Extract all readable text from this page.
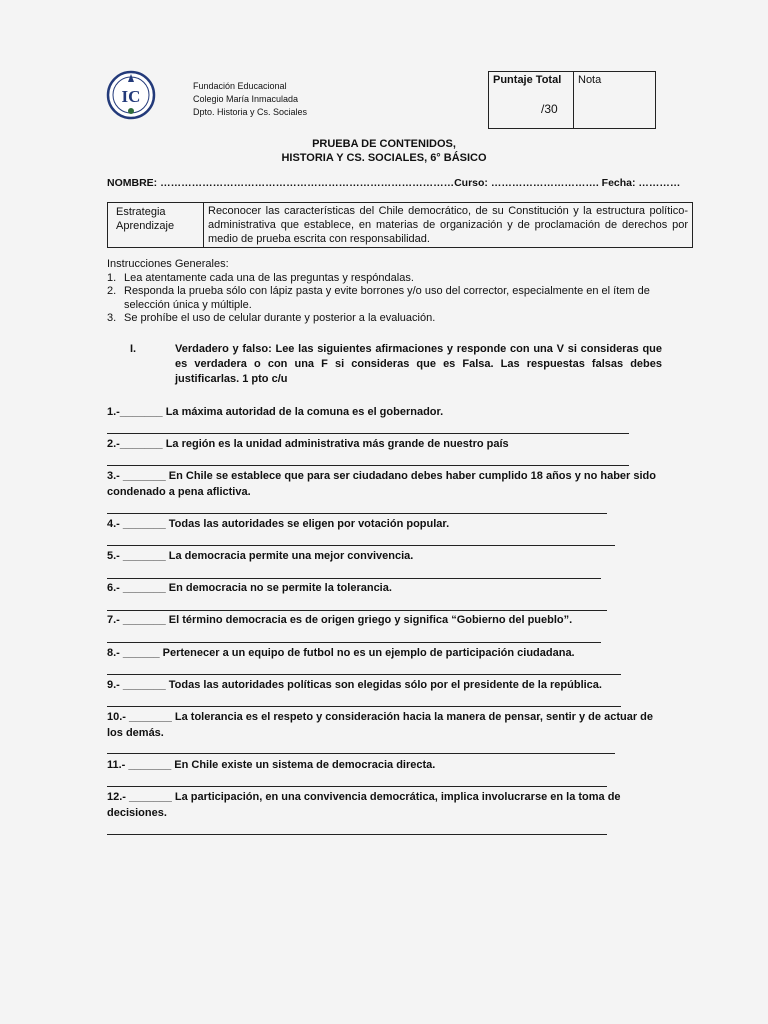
IC
Fundación Educacional
Colegio María Inmaculada
Dpto. Historia y Cs. Sociales
Puntaje Total
/30
Nota
PRUEBA DE CONTENIDOS,
HISTORIA Y CS. SOCIALES, 6° BÁSICO
NOMBRE: …………………………………………………………………………Curso: …………………………. Fecha: …………
Estrategia Aprendizaje
Reconocer las características del Chile democrático, de su Constitución y la estructura político-administrativa que establece, en materias de organización y de proclamación de derechos por medio de prueba escrita con responsabilidad.
Instrucciones Generales:
1. Lea atentamente cada una de las preguntas y respóndalas.
2. Responda la prueba sólo con lápiz pasta y evite borrones y/o uso del corrector, especialmente en el ítem de selección única y múltiple.
3. Se prohíbe el uso de celular durante y posterior a la evaluación.
I.	Verdadero y falso: Lee las siguientes afirmaciones y responde con una V si consideras que es verdadera o con una F si consideras que es Falsa. Las respuestas falsas debes justificarlas. 1 pto c/u
1.-_______ La máxima autoridad de la comuna es el gobernador.
2.-_______ La región es la unidad administrativa más grande de nuestro país
3.- _______ En Chile se establece que para ser ciudadano debes haber cumplido 18 años y no haber sido condenado a pena aflictiva.
4.- _______ Todas las autoridades se eligen por votación popular.
5.- _______ La democracia permite una mejor convivencia.
6.- _______ En democracia no se permite la tolerancia.
7.- _______ El término democracia es de origen griego y significa “Gobierno del pueblo”.
8.- ______ Pertenecer a un equipo de futbol no es un ejemplo de participación ciudadana.
9.- _______ Todas las autoridades políticas son elegidas sólo por el presidente de la república.
10.- _______ La tolerancia es el respeto y consideración hacia la manera de pensar, sentir y de actuar de los demás.
11.- _______ En Chile existe un sistema de democracia directa.
12.- _______ La participación, en una convivencia democrática, implica involucrarse en la toma de decisiones.
